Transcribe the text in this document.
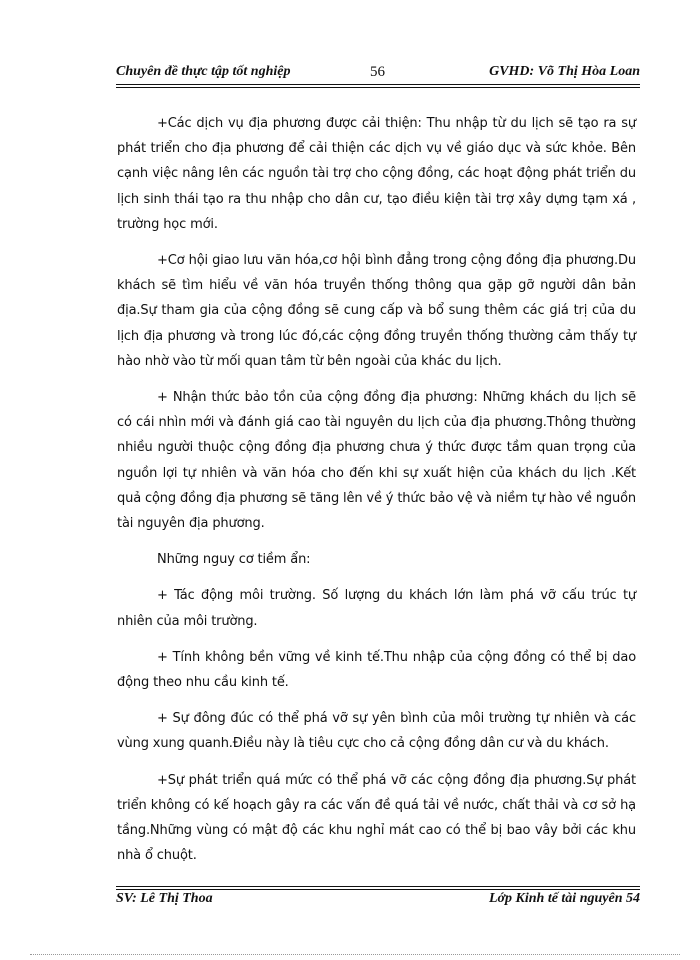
Chuyên đề thực tập tốt nghiệp	56	GVHD: Võ Thị Hòa Loan

+Các dịch vụ địa phương được cải thiện: Thu nhập từ du lịch sẽ tạo ra sự phát triển cho địa phương để cải thiện các dịch vụ về giáo dục và sức khỏe. Bên cạnh việc nâng lên các nguồn tài trợ cho cộng đồng, các hoạt động phát triển du lịch sinh thái tạo ra thu nhập cho dân cư, tạo điều kiện tài trợ xây dựng tạm xá , trường học mới.

+Cơ hội giao lưu văn hóa,cơ hội bình đẳng trong cộng đồng địa phương.Du khách sẽ tìm hiểu về văn hóa truyền thống thông qua gặp gỡ người dân bản địa.Sự tham gia của cộng đồng sẽ cung cấp và bổ sung thêm các giá trị của du lịch địa phương và trong lúc đó,các cộng đồng truyền thống thường cảm thấy tự hào nhờ vào từ mối quan tâm từ bên ngoài của khác du lịch.

+ Nhận thức bảo tồn của cộng đồng địa phương: Những khách du lịch sẽ có cái nhìn mới và đánh giá cao tài nguyên du lịch của địa phương.Thông thường nhiều người thuộc cộng đồng địa phương chưa ý thức được tầm quan trọng của nguồn lợi tự nhiên và văn hóa cho đến khi sự xuất hiện của khách du lịch .Kết quả cộng đồng địa phương sẽ tăng lên về ý thức bảo vệ và niềm tự hào về nguồn tài nguyên địa phương.

Những nguy cơ tiềm ẩn:

+ Tác động môi trường. Số lượng du khách lớn làm phá vỡ cấu trúc tự nhiên của môi trường.

+ Tính không bền vững về kinh tế.Thu nhập của cộng đồng có thể bị dao động theo nhu cầu kinh tế.

+ Sự đông đúc có thể phá vỡ sự yên bình của môi trường tự nhiên và các vùng xung quanh.Điều này là tiêu cực cho cả cộng đồng dân cư và du khách.

+Sự phát triển quá mức có thể phá vỡ các cộng đồng địa phương.Sự phát triển không có kế hoạch gây ra các vấn đề quá tải về nước, chất thải và cơ sở hạ tầng.Những vùng có mật độ các khu nghỉ mát cao có thể bị bao vây bởi các khu nhà ổ chuột.

SV: Lê Thị Thoa	Lớp Kinh tế tài nguyên 54
